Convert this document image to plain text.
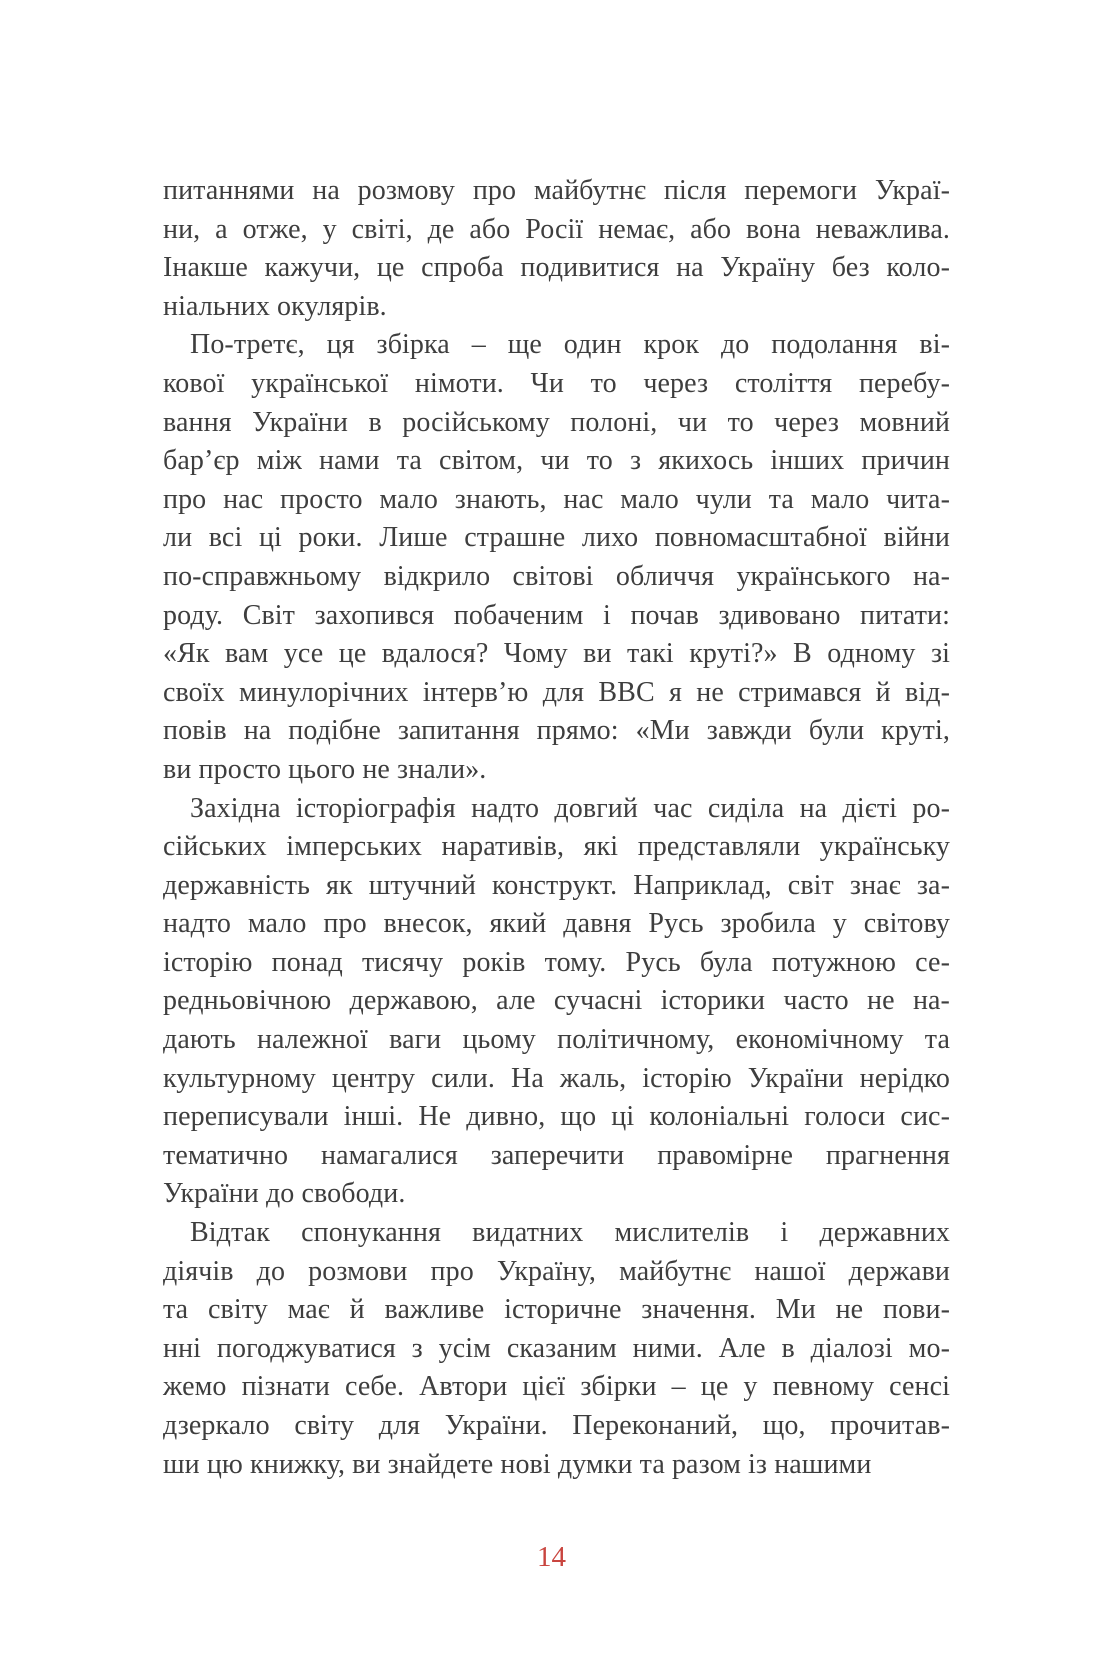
питаннями на розмову про майбутнє після перемоги Украї-
ни, а отже, у світі, де або Росії немає, або вона неважлива.
Інакше кажучи, це спроба подивитися на Україну без коло-
ніальних окулярів.
По-третє, ця збірка – ще один крок до подолання ві-
кової української німоти. Чи то через століття перебу-
вання України в російському полоні, чи то через мовний
бар’єр між нами та світом, чи то з якихось інших причин
про нас просто мало знають, нас мало чули та мало чита-
ли всі ці роки. Лише страшне лихо повномасштабної війни
по-справжньому відкрило світові обличчя українського на-
роду. Світ захопився побаченим і почав здивовано питати:
«Як вам усе це вдалося? Чому ви такі круті?» В одному зі
своїх минулорічних інтерв’ю для BBC я не стримався й від-
повів на подібне запитання прямо: «Ми завжди були круті,
ви просто цього не знали».
Західна історіографія надто довгий час сиділа на дієті ро-
сійських імперських наративів, які представляли українську
державність як штучний конструкт. Наприклад, світ знає за-
надто мало про внесок, який давня Русь зробила у світову
історію понад тисячу років тому. Русь була потужною се-
редньовічною державою, але сучасні історики часто не на-
дають належної ваги цьому політичному, економічному та
культурному центру сили. На жаль, історію України нерідко
переписували інші. Не дивно, що ці колоніальні голоси сис-
тематично намагалися заперечити правомірне прагнення
України до свободи.
Відтак спонукання видатних мислителів і державних
діячів до розмови про Україну, майбутнє нашої держави
та світу має й важливе історичне значення. Ми не пови-
нні погоджуватися з усім сказаним ними. Але в діалозі мо-
жемо пізнати себе. Автори цієї збірки – це у певному сенсі
дзеркало світу для України. Переконаний, що, прочитав-
ши цю книжку, ви знайдете нові думки та разом із нашими
14
